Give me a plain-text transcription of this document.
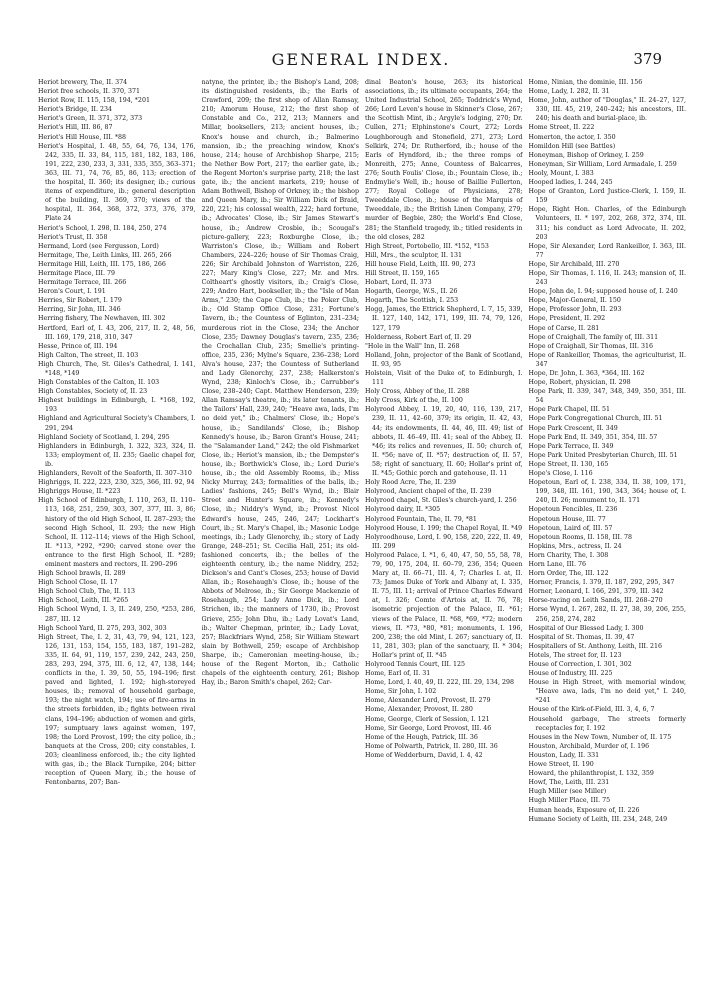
GENERAL INDEX.	379

Heriot brewery, The, II. 374

Heriot free schools, II. 370, 371

Heriot Row, II. 115, 158, 194, *201

Heriot's Bridge, II. 234

Heriot's Green, II. 371, 372, 373

Heriot's Hill, III. 86, 87

Heriot's Hill House, III. *88

Heriot's Hospital, I. 48, 55, 64, 76, 134, 176, 242, 335, II. 33, 84, 115, 181, 182, 183, 186, 191, 222, 230, 233, 3, 331, 335, 355, 363–371; 363, III. 71, 74, 76, 85, 86, 113; erection of the hospital, II. 360; its designer, ib.; curious items of expenditure, ib.; general description of the building, II. 369, 370; views of the hospital, II. 364, 368, 372, 373, 376, 379, Plate 24

Heriot's School, I. 298, II. 184, 250, 274

Heriot's Trust, II. 358

Hermand, Lord (see Fergusson, Lord)

Hermitage, The, Leith Links, III. 265, 266

Hermitage Hill, Leith, III. 175, 186, 266

Hermitage Place, III. 79

Hermitage Terrace, III. 266

Heron's Court, I. 191

Herries, Sir Robert, I. 179

Herring, Sir John, III. 346

Herring fishery, The Newhaven, III. 302

Hertford, Earl of, I. 43, 206, 217, II. 2, 48, 56, III. 169, 179, 218, 310, 347

Hesse, Prince of, III. 194

High Calton, The street, II. 103

High Church, The, St. Giles's Cathedral, I. 141, *148, *149

High Constables of the Calton, II. 103

High Constables, Society of, II. 23

Highest buildings in Edinburgh, I. *168, 192, 193

Highland and Agricultural Society's Chambers, I. 291, 294

Highland Society of Scotland, I. 294, 295

Highlanders in Edinburgh, I. 322, 323, 324, II. 133; employment of, II. 235; Gaelic chapel for, ib.

Highlanders, Revolt of the Seaforth, II. 307–310

Highriggs, II. 222, 223, 230, 325, 366, III. 92, 94

Highriggs House, II. *223

High School of Edinburgh, I. 110, 263, II. 110–113, 168, 251, 259, 303, 307, 377, III. 3, 86; history of the old High School, II. 287–293; the second High School, II. 293; the new High School, II. 112–114; views of the High School, II. *113, *292, *290; carved stone over the entrance to the first High School, II. *289; eminent masters and rectors, II. 290–296

High School brawls, II. 289

High School Close, II. 17

High School Club, The, II. 113

High School, Leith, III. *265

High School Wynd, I. 3, II. 249, 250, *253, 286, 287, III. 12

High School Yard, II. 275, 293, 302, 303

High Street, The, I. 2, 31, 43, 79, 94, 121, 123, 126, 131, 153, 154, 155, 183, 187, 191–282, 335, II. 64, 91, 119, 157, 239, 242, 243, 250, 283, 293, 294, 375, III. 6, 12, 47, 138, 144; conflicts in the, I. 39, 50, 55, 194–196; first paved and lighted, I. 192; high-storeyed houses, ib.; removal of household garbage, 193; the night watch, 194; use of fire-arms in the streets forbidden, ib.; fights between rival clans, 194–196; abduction of women and girls, 197; sumptuary laws against women, 197, 198; the Lord Provost, 199; the city police, ib.; banquets at the Cross, 200; city constables, I. 203; cleanliness enforced, ib.; the city lighted with gas, ib.; the Black Turnpike, 204; bitter reception of Queen Mary, ib.; the house of Fentonbarns, 207; Ban-

natyne, the printer, ib.; the Bishop's Land, 208; its distinguished residents, ib.; the Earls of Crawford, 209; the first shop of Allan Ramsay, 210; Amorum House, 212; the first shop of Constable and Co., 212, 213; Manners and Millar, booksellers, 213; ancient houses, ib.; Knox's house and church, ib.; Balmerino mansion, ib.; the preaching window, Knox's house, 214; house of Archbishop Sharpe, 215; the Nether Bow Port, 217; the earlier gate, ib.; the Regent Morton's surprise party, 218; the last gate, ib.; the ancient markets, 219; house of Adam Bothwell, Bishop of Orkney, ib.; the bishop and Queen Mary, ib.; Sir William Dick of Braid, 220, 221; his colossal wealth, 222; hard fortune, ib.; Advocates' Close, ib.; Sir James Stewart's house, ib.; Andrew Crosbie, ib.; Scougal's picture-gallery, 223; Roxburghe Close, ib.; Warriston's Close, ib.; William and Robert Chambers, 224–226; house of Sir Thomas Craig, 226; Sir Archibald Johnston of Warriston, 226, 227; Mary King's Close, 227; Mr. and Mrs. Coltheart's ghostly visitors, ib.; Craig's Close, 229; Andro Hart, bookseller, ib.; the "Isle of Man Arms," 230; the Cape Club, ib.; the Poker Club, ib.; Old Stamp Office Close, 231; Fortune's Tavern, ib.; the Countess of Eglinton, 231–234; murderous riot in the Close, 234; the Anchor Close, 235; Dawney Douglas's tavern, 235, 236; the Crochallan Club, 235; Smellie's printing-office, 235, 236; Mylne's Square, 236–238; Lord Alva's house, 237; the Countess of Sutherland and Lady Glenorchy, 237, 238; Halkerston's Wynd, 238; Kinloch's Close, ib.; Carrubber's Close, 238–240; Capt. Matthew Henderson, 239; Allan Ramsay's theatre, ib.; its later tenants, ib.; the Tailors' Hall, 239, 240; "Heave awa, lads, I'm no deid yet," ib.; Chalmers' Close, ib.; Hope's house, ib.; Sandilands' Close, ib.; Bishop Kennedy's house, ib.; Baron Grant's House, 241; the "Salamander Land," 242; the old Fishmarket Close, ib.; Heriot's mansion, ib.; the Dempster's house, ib.; Borthwick's Close, ib.; Lord Durie's house, ib.; the old Assembly Rooms, ib.; Miss Nicky Murray, 243; formalities of the balls, ib.; Ladies' fashions, 245; Bell's Wynd, ib.; Blair Street and Hunter's Square, ib.; Kennedy's Close, ib.; Niddry's Wynd, ib.; Provost Nicol Edward's house, 245, 246, 247; Lockhart's Court, ib.; St. Mary's Chapel, ib.; Masonic Lodge meetings, ib.; Lady Glenorchy, ib.; story of Lady Grange, 248–251; St. Cecilia Hall, 251; its old-fashioned concerts, ib.; the belles of the eighteenth century, ib.; the name Niddry, 252; Dickson's and Cant's Closes, 253; house of David Allan, ib.; Rosehaugh's Close, ib.; house of the Abbots of Melrose, ib.; Sir George Mackenzie of Rosehaugh, 254; Lady Anne Dick, ib.; Lord Strichen, ib.; the manners of 1730, ib.; Provost Grieve, 255; John Dhu, ib.; Lady Lovat's Land, ib.; Walter Chepman, printer, ib.; Lady Lovat, 257; Blackfriars Wynd, 258; Sir William Stewart slain by Bothwell, 259; escape of Archbishop Sharpe, ib.; Cameronian meeting-house, ib.; house of the Regent Morton, ib.; Catholic chapels of the eighteenth century, 261; Bishop Hay, ib.; Baron Smith's chapel, 262; Car-

dinal Beaton's house, 263; its historical associations, ib.; its ultimate occupants, 264; the United Industrial School, 265; Toddrick's Wynd, 266; Lord Leven's house in Skinner's Close, 267; the Scottish Mint, ib.; Argyle's lodging, 270; Dr. Cullen, 271; Elphinstone's Court, 272; Lords Loughborough and Stonefield, 271, 273; Lord Selkirk, 274; Dr. Rutherford, ib.; house of the Earls of Hyndford, ib.; the three romps of Monreith, 275; Anne, Countess of Balcarres, 276; South Foulis' Close, ib.; Fountain Close, ib.; Endmylie's Well, ib.; house of Baillie Fullerton, 277; Royal College of Physicians, 278; Tweeddale Close, ib.; house of the Marquis of Tweeddale, ib.; the British Linen Company, 279; murder of Begbie, 280; the World's End Close, 281; the Stanfield tragedy, ib.; titled residents in the old closes, 282

High Street, Portobello, III. *152, *153

Hill, Mrs., the sculptor, II. 131

Hill house Field, Leith, III. 90, 273

Hill Street, II. 159, 165

Hobart, Lord, II. 373

Hogarth, George, W.S., II. 26

Hogarth, The Scottish, I. 253

Hogg, James, the Ettrick Shepherd, I. 7, 15, 339, II. 127, 140, 142, 171, 199, III. 74, 79, 126, 127, 179

Holderness, Robert Earl of, II. 29

"Hole in the Wall" Inn, II. 268

Holland, John, projector of the Bank of Scotland, II. 93, 95

Holstein, Visit of the Duke of, to Edinburgh, I. 111

Holy Cross, Abbey of the, II. 288

Holy Cross, Kirk of the, II. 100

Holyrood Abbey, I. 19, 20, 40, 116, 139, 217, 239, II. 11, 42–60, 379; its origin, II. 42, 43, 44; its endowments, II. 44, 46, III. 49; list of abbots, II. 46–49, III. 41; seal of the Abbey, II. *46; its relics and revenues, II. 50; church of, II. *56; nave of, II. *57; destruction of, II. 57, 58; right of sanctuary, II. 60; Hollar's print of, II. *45; Gothic porch and gatehouse, II. 11

Holy Rood Acre, The, II. 239

Holyrood, Ancient chapel of the, II. 239

Holyrood chapel, St. Giles's church-yard, I. 256

Holyrood dairy, II. *305

Holyrood Fountain, The, II. 79, *81

Holyrood House, I. 199; the Chapel Royal, II. *49

Holyroodhouse, Lord, I. 90, 158, 220, 222, II. 49, III. 299

Holyrood Palace, I. *1, 6, 40, 47, 50, 55, 58, 78, 79, 90, 175, 204, II. 60–79, 236, 354; Queen Mary at, II. 66–71, III. 4, 7; Charles I. at, II. 73; James Duke of York and Albany at, I. 335, II. 75, III. 11; arrival of Prince Charles Edward at, I. 326; Comte d'Artois at, II. 76, 78; isometric projection of the Palace, II. *61; views of the Palace, II. *68, *69, *72; modern views, II. *73, *80, *81; monuments, I. 196, 200, 238; the old Mint, I. 267; sanctuary of, II. 11, 281, 303; plan of the sanctuary, II. * 304; Hollar's print of, II. *45

Holyrood Tennis Court, III. 125

Home, Earl of, II. 31

Home, Lord, I. 40, 49, II. 222, III. 29, 134, 298

Home, Sir John, I. 102

Home, Alexander Lord, Provost, II. 279

Home, Alexander, Provost, II. 280

Home, George, Clerk of Session, I. 121

Home, Sir George, Lord Provost, III. 46

Home of the Heugh, Patrick, III. 36

Home of Polwarth, Patrick, II. 280, III. 36

Home of Wedderburn, David, I. 4, 42

Home, Ninian, the dominie, III. 156

Home, Lady, I. 282, II. 31

Home, John, author of "Douglas," II. 24–27, 127, 330, III. 45, 219, 240–242; his ancestors, III. 240; his death and burial-place, ib.

Home Street, II. 222

Homerton, the actor, I. 350

Homildon Hill (see Battles)

Honeyman, Bishop of Orkney, I. 259

Honeyman, Sir William, Lord Armadale, I. 259

Hooly, Mount, I. 383

Hooped ladies, I. 244, 245

Hope of Granton, Lord Justice-Clerk, I. 159, II. 159

Hope, Right Hon. Charles, of the Edinburgh Volunteers, II. * 197, 202, 268, 372, 374, III. 311; his conduct as Lord Advocate, II. 202, 203

Hope, Sir Alexander, Lord Rankeillor, I. 363, III. 77

Hope, Sir Archibald, III. 270

Hope, Sir Thomas, I. 116, II. 243; mansion of, II. 243

Hope, John de, I. 94; supposed house of, I. 240

Hope, Major-General, II. 150

Hope, Professor John, II. 293

Hope, President, II. 292

Hope of Carse, II. 281

Hope of Craighall, The family of, III. 311

Hope of Craighall, Sir Thomas, III. 316

Hope of Rankeillor, Thomas, the agriculturist, II. 347

Hope, Dr. John, I. 363, *364, III. 162

Hope, Robert, physician, II. 298

Hope Park, II. 339, 347, 348, 349, 350, 351, III. 54

Hope Park Chapel, III. 51

Hope Park Congregational Church, III. 51

Hope Park Crescent, II. 349

Hope Park End, II. 349, 351, 354, III. 57

Hope Park Terrace, II. 349

Hope Park United Presbyterian Church, III. 51

Hope Street, II. 130, 165

Hope's Close, I. 116

Hopetoun, Earl of, I. 238, 334, II. 38, 109, 171, 199, 348, III. 161, 190, 343, 364; house of, I. 240, II. 26; monument to, II. 171

Hopetoun Fencibles, II. 236

Hopetoun House, III. 77

Hopetoun, Laird of, III. 57

Hopetoun Rooms, II. 158, III. 78

Hopkins, Mrs., actress, II. 24

Horn Charity, The, I. 308

Horn Lane, III. 76

Horn Order, The, III. 122

Horner, Francis, I. 379, II. 187, 292, 295, 347

Horner, Leonard, I. 166, 291, 379, III. 342

Horse-racing on Leith Sands, III. 268–270

Horse Wynd, I. 267, 282, II. 27, 38, 39, 206, 255, 256, 258, 274, 282

Hospital of Our Blessed Lady, I. 300

Hospital of St. Thomas, II. 39, 47

Hospitallers of St. Anthony, Leith, III. 216

Hotels, The street for, II. 123

House of Correction, I. 301, 302

House of Industry, III. 225

House in High Street, with memorial window, "Heave awa, lads, I'm no deid yet," I. 240, *241

House of the Kirk-of-Field, III. 3, 4, 6, 7

Household garbage, The streets formerly receptacles for, I. 192

Houses in the New Town, Number of, II. 175

Houston, Archibald, Murder of, I. 196

Houston, Lady, II. 331

Howe Street, II. 190

Howard, the philanthropist, I. 132, 359

Howf, The, Leith, III. 231

Hugh Miller (see Miller)

Hugh Miller Place, III. 75

Human heads, Exposure of, II. 226

Humane Society of Leith, III. 234, 248, 249
